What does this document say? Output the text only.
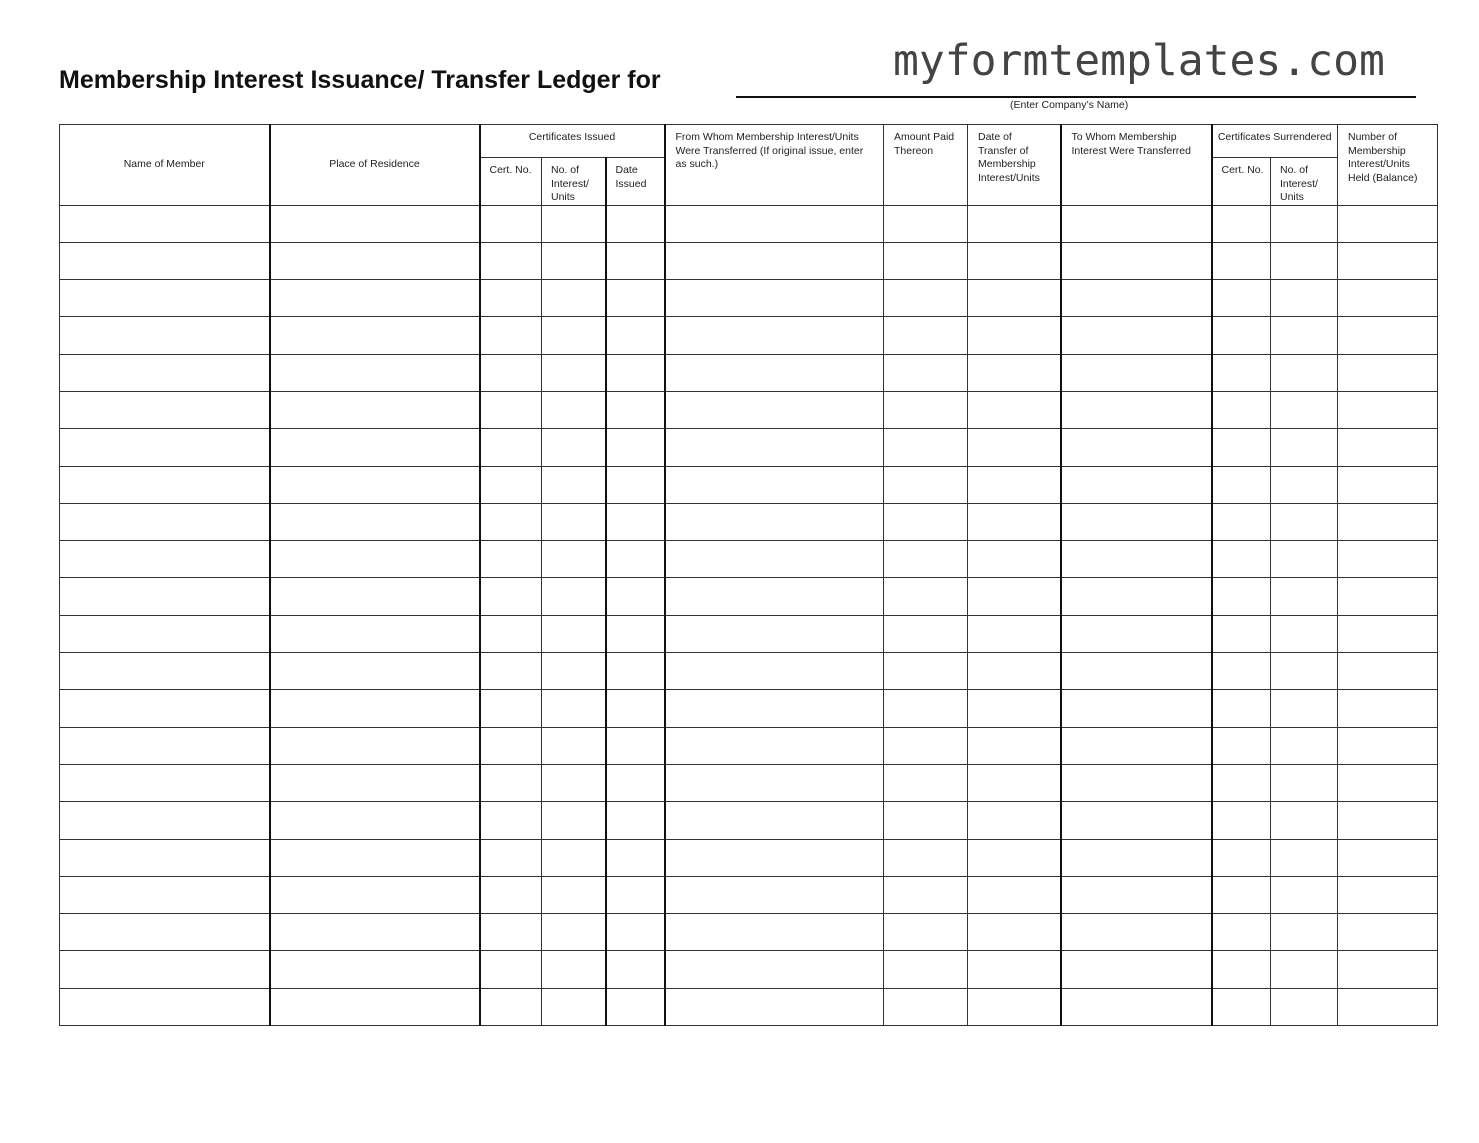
myformtemplates.com
Membership Interest Issuance/ Transfer Ledger for
(Enter Company’s Name)
Name of Member	Place of Residence	Certificates Issued			From Whom Membership Interest/Units Were Transferred (If original issue, enter as such.)	Amount Paid Thereon	Date of Transfer of Membership Interest/Units	To Whom Membership Interest Were Transferred	Certificates Surrendered		Number of Membership Interest/Units Held (Balance)

		Cert. No.	No. of Interest/ Units	Date Issued					Cert. No.	No. of Interest/ Units	
